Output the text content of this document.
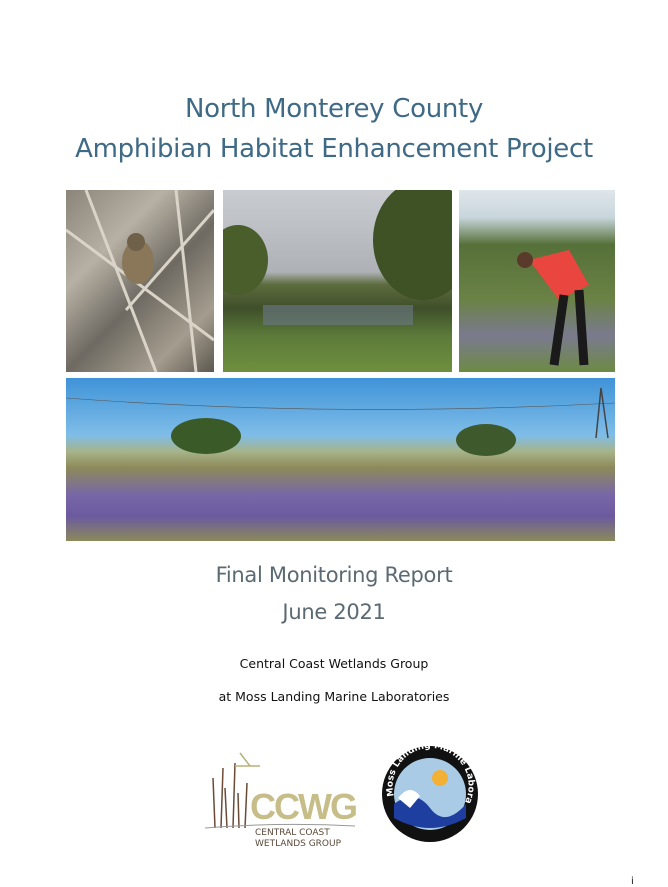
North Monterey County
Amphibian Habitat Enhancement Project
Final Monitoring Report
June 2021
Central Coast Wetlands Group
at Moss Landing Marine Laboratories
CCWG
CENTRAL COAST
WETLANDS GROUP
Moss Landing Marine Labora
i
